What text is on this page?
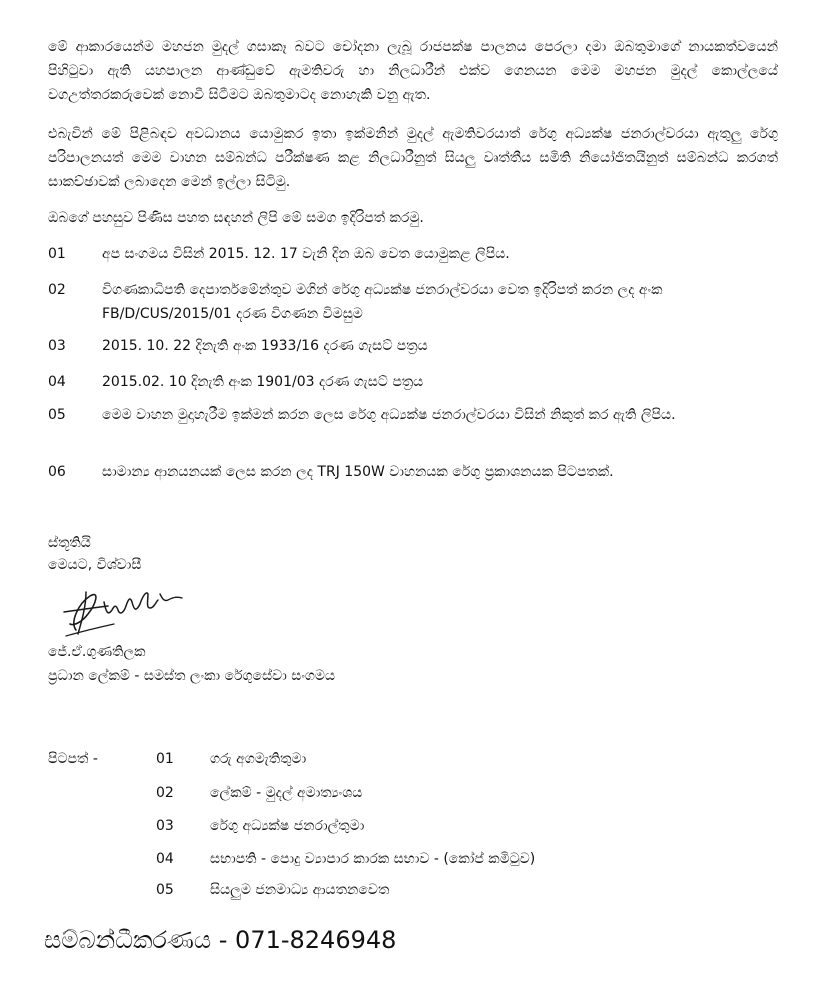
මේ ආකාරයෙන්ම මහජන මුදල් ගසාකෑ බවට චෝදනා ලැබූ රාජපක්ෂ පාලනය පෙරලා දමා ඔබතුමාගේ නායකත්වයෙන් පිහිටුවා ඇති යහපාලන ආණ්ඩුවේ ඇමතිවරු හා නිලධාරීන් එක්ව ගෙනයන මෙම මහජන මුදල් කොල්ලයේ වගඋත්තරකරුවෙක් නොවී සිටීමට ඔබතුමාටද නොහැකි වනු ඇත.

එබැවින් මේ පිළිබඳව අවධානය යොමුකර ඉතා ඉක්මනින් මුදල් ඇමතිවරයාත් රේගු අධ්‍යක්ෂ ජනරාල්වරයා ඇතුලු රේගු පරිපාලනයත් මෙම වාහන සම්බන්ධ පරීක්ෂණ කළ නිලධාරීනුත් සියලු වෘත්තීය සමිති නියෝජිතයිනුත් සම්බන්ධ කරගත් සාකච්ඡාවක් ලබාදෙන මෙන් ඉල්ලා සිටිමු.

ඔබගේ පහසුව පිණිස පහත සඳහන් ලිපි මේ සමග ඉදිරිපත් කරමු.

01	අප සංගමය විසින් 2015. 12. 17 වැනි දින ඔබ වෙත යොමුකළ ලිපිය.
02	විගණකාධිපති දෙපාර්තමේන්තුව මගින් රේගු අධ්‍යක්ෂ ජනරාල්වරයා වෙත ඉදිරිපත් කරන ලද අංක FB/D/CUS/2015/01 දරණ විගණන විමසුම
03	2015. 10. 22 දිනැති අංක 1933/16 දරණ ගැසට් පත්‍රය
04	2015.02. 10 දිනැති අංක 1901/03 දරණ ගැසට් පත්‍රය
05	මෙම වාහන මුදාහැරීම ඉක්මන් කරන ලෙස රේගු අධ්‍යක්ෂ ජනරාල්වරයා විසින් නිකුත් කර ඇති ලිපිය.
06	සාමාන්‍ය ආනයනයක් ලෙස කරන ලද TRJ 150W වාහනයක රේගු ප්‍රකාශනයක පිටපතක්.
ස්තූතියි
මෙයට, විශ්වාසී
ජේ.ඒ.ගුණතිලක
ප්‍රධාන ලේකම් - සමස්ත ලංකා රේගුසේවා සංගමය
පිටපත් -	01	ගරු අගමැතිතුමා
02	ලේකම් - මුදල් අමාත්‍යංශය
03	රේගු අධ්‍යක්ෂ ජනරාල්තුමා
04	සභාපති - පොදු ව්‍යාපාර කාරක සභාව - (කෝප් කමිටුව)
05	සියලුම ජනමාධ්‍ය ආයතනවෙත
සම්බන්ධීකරණය - 071-8246948
